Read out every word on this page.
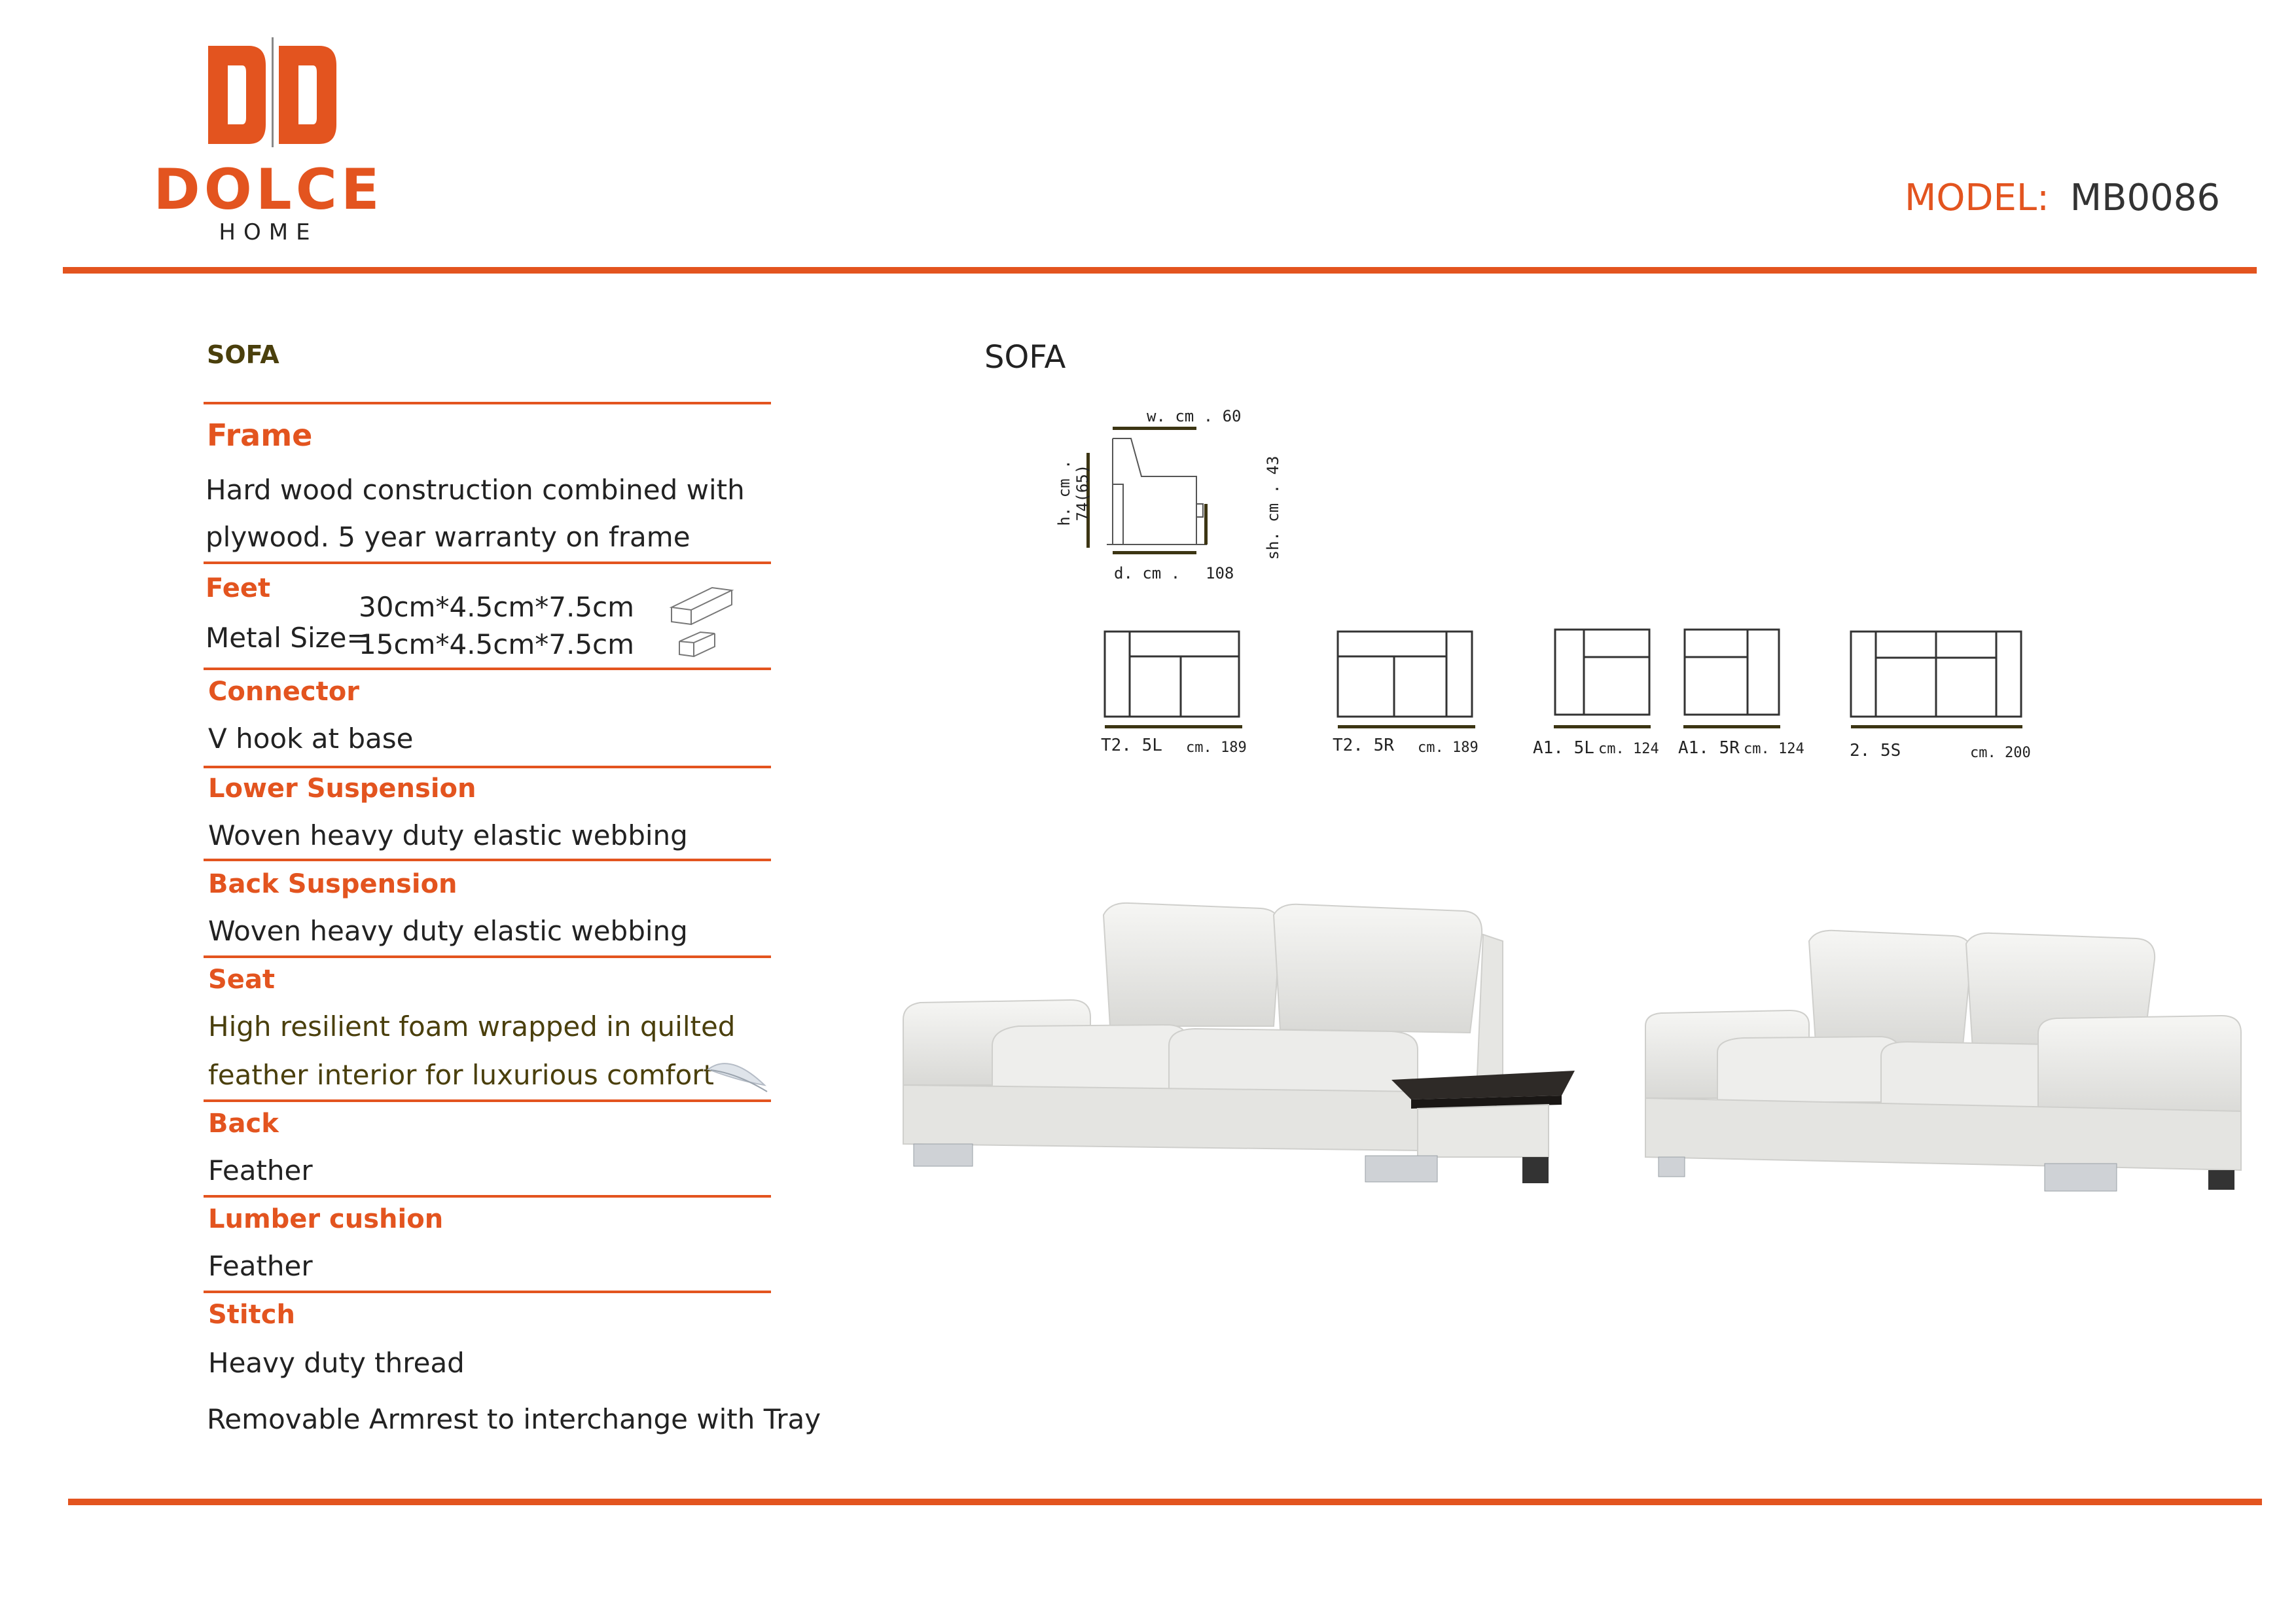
DOLCE
HOME
MODEL: MB0086
SOFA
Frame
Hard wood construction combined with
plywood. 5 year warranty on frame
Feet
Metal Size=
30cm*4.5cm*7.5cm
15cm*4.5cm*7.5cm
Connector
V hook at base
Lower Suspension
Woven heavy duty elastic webbing
Back Suspension
Woven heavy duty elastic webbing
Seat
High resilient foam wrapped in quilted
feather interior for luxurious comfort
Back
Feather
Lumber cushion
Feather
Stitch
Heavy duty thread
Removable Armrest to interchange with Tray
SOFA
w. cm . 60
h. cm . 74(65)
d. cm . 108
sh. cm . 43
T2. 5L cm. 189	T2. 5R cm. 189	A1. 5L cm. 124 A1. 5R cm. 124	2. 5S	cm. 200
